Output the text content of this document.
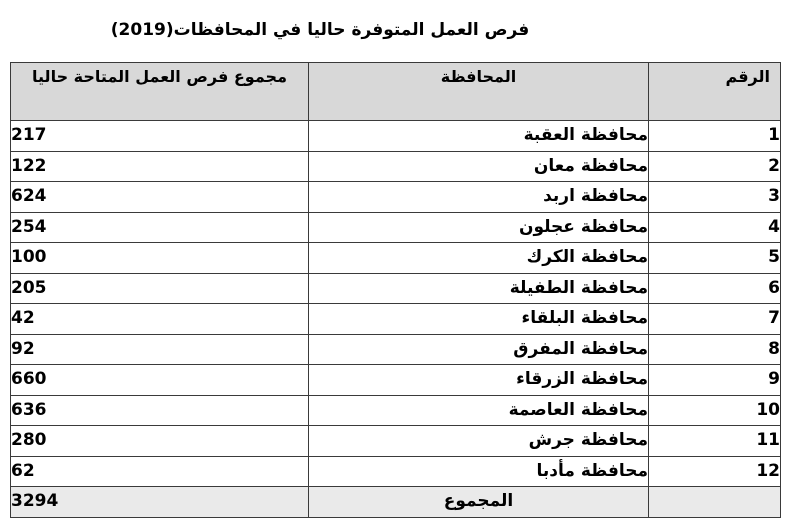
فرص العمل المتوفرة حاليا في المحافظات(2019)
مجموع فرص العمل المتاحة حاليا	المحافظة	الرقم
217	محافظة العقبة	1
122	محافظة معان	2
624	محافظة اربد	3
254	محافظة عجلون	4
100	محافظة الكرك	5
205	محافظة الطفيلة	6
42	محافظة البلقاء	7
92	محافظة المفرق	8
660	محافظة الزرقاء	9
636	محافظة العاصمة	10
280	محافظة جرش	11
62	محافظة مأدبا	12
3294	المجموع	
